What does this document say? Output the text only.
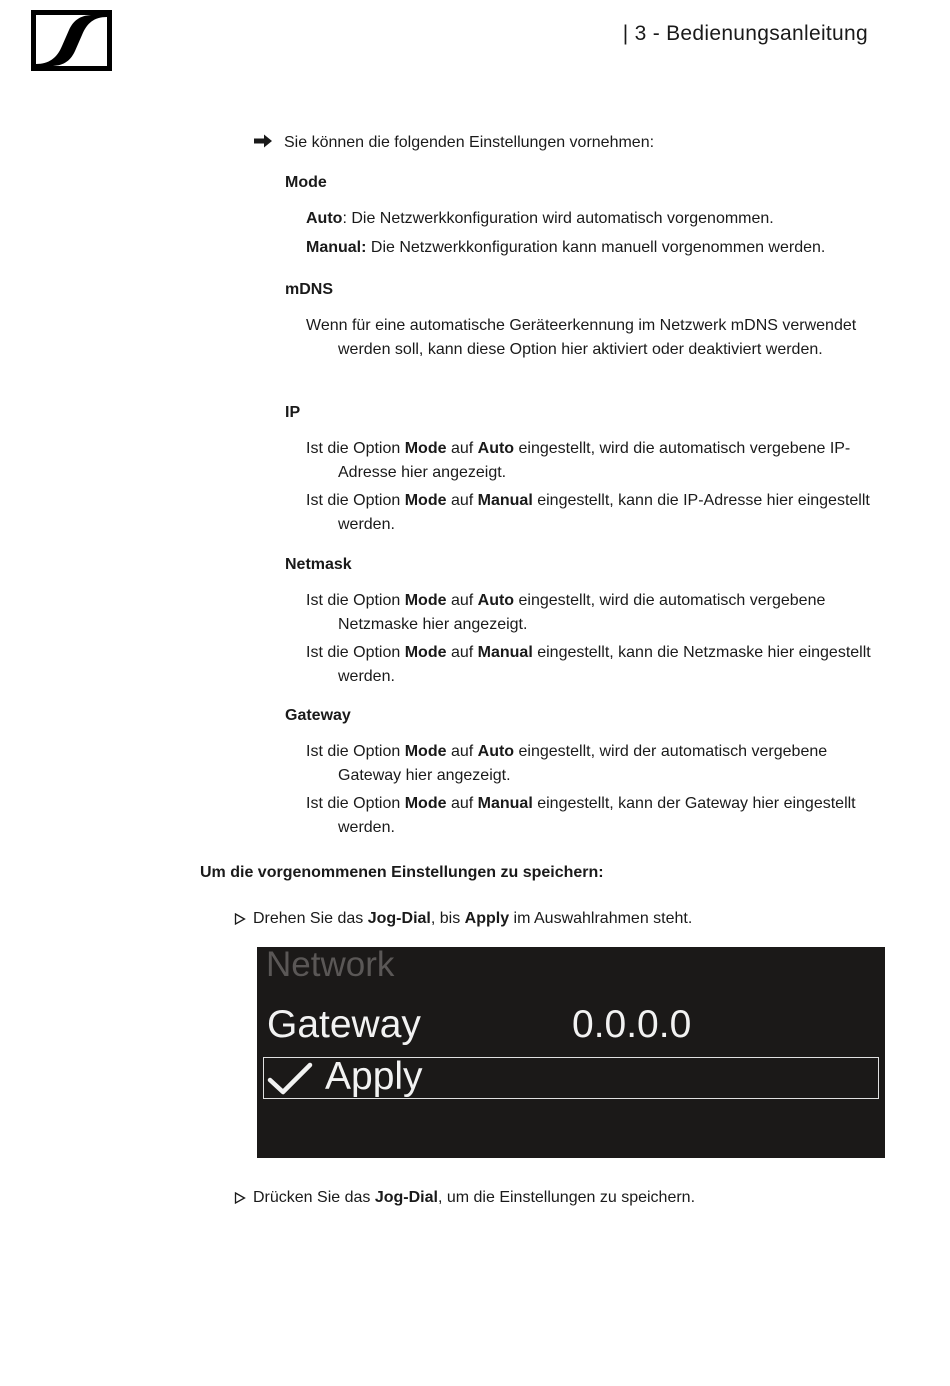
| 3 - Bedienungsanleitung
Sie können die folgenden Einstellungen vornehmen:
Mode
Auto: Die Netzwerkkonfiguration wird automatisch vorgenommen.
Manual: Die Netzwerkkonfiguration kann manuell vorgenommen werden.
mDNS
Wenn für eine automatische Geräteerkennung im Netzwerk mDNS verwendet werden soll, kann diese Option hier aktiviert oder deaktiviert werden.
IP
Ist die Option Mode auf Auto eingestellt, wird die automatisch vergebene IP-Adresse hier angezeigt.
Ist die Option Mode auf Manual eingestellt, kann die IP-Adresse hier eingestellt werden.
Netmask
Ist die Option Mode auf Auto eingestellt, wird die automatisch vergebene Netzmaske hier angezeigt.
Ist die Option Mode auf Manual eingestellt, kann die Netzmaske hier eingestellt werden.
Gateway
Ist die Option Mode auf Auto eingestellt, wird der automatisch vergebene Gateway hier angezeigt.
Ist die Option Mode auf Manual eingestellt, kann der Gateway hier eingestellt werden.
Um die vorgenommenen Einstellungen zu speichern:
Drehen Sie das Jog-Dial, bis Apply im Auswahlrahmen steht.
Network
Gateway	0.0.0.0
Apply
Drücken Sie das Jog-Dial, um die Einstellungen zu speichern.
